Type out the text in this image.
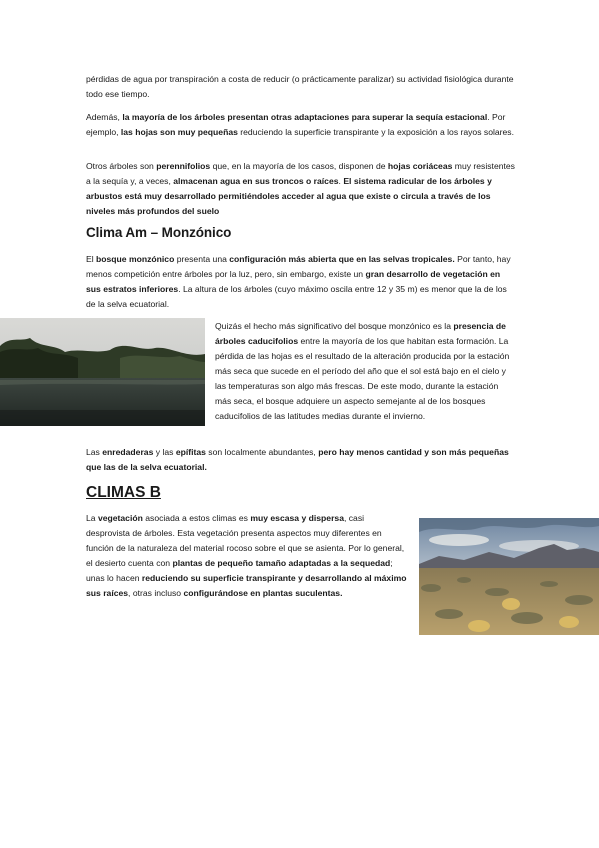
pérdidas de agua por transpiración a costa de reducir (o prácticamente paralizar) su actividad fisiológica durante todo ese tiempo.

Además, la mayoría de los árboles presentan otras adaptaciones para superar la sequía estacional. Por ejemplo, las hojas son muy pequeñas reduciendo la superficie transpirante y la exposición a los rayos solares.

Otros árboles son perennifolios que, en la mayoría de los casos, disponen de hojas coriáceas muy resistentes a la sequía y, a veces, almacenan agua en sus troncos o raíces. El sistema radicular de los árboles y arbustos está muy desarrollado permitiéndoles acceder al agua que existe o circula a través de los niveles más profundos del suelo

Clima Am – Monzónico

El bosque monzónico presenta una configuración más abierta que en las selvas tropicales. Por tanto, hay menos competición entre árboles por la luz, pero, sin embargo, existe un gran desarrollo de vegetación en sus estratos inferiores. La altura de los árboles (cuyo máximo oscila entre 12 y 35 m) es menor que la de los de la selva ecuatorial.

Quizás el hecho más significativo del bosque monzónico es la presencia de árboles caducifolios entre la mayoría de los que habitan esta formación. La pérdida de las hojas es el resultado de la alteración producida por la estación más seca que sucede en el período del año que el sol está bajo en el cielo y las temperaturas son algo más frescas. De este modo, durante la estación más seca, el bosque adquiere un aspecto semejante al de los bosques caducifolios de las latitudes medias durante el invierno.

Las enredaderas y las epífitas son localmente abundantes, pero hay menos cantidad y son más pequeñas que las de la selva ecuatorial.

CLIMAS B

La vegetación asociada a estos climas es muy escasa y dispersa, casi desprovista de árboles. Esta vegetación presenta aspectos muy diferentes en función de la naturaleza del material rocoso sobre el que se asienta. Por lo general, el desierto cuenta con plantas de pequeño tamaño adaptadas a la sequedad; unas lo hacen reduciendo su superficie transpirante y desarrollando al máximo sus raíces, otras incluso configurándose en plantas suculentas.
